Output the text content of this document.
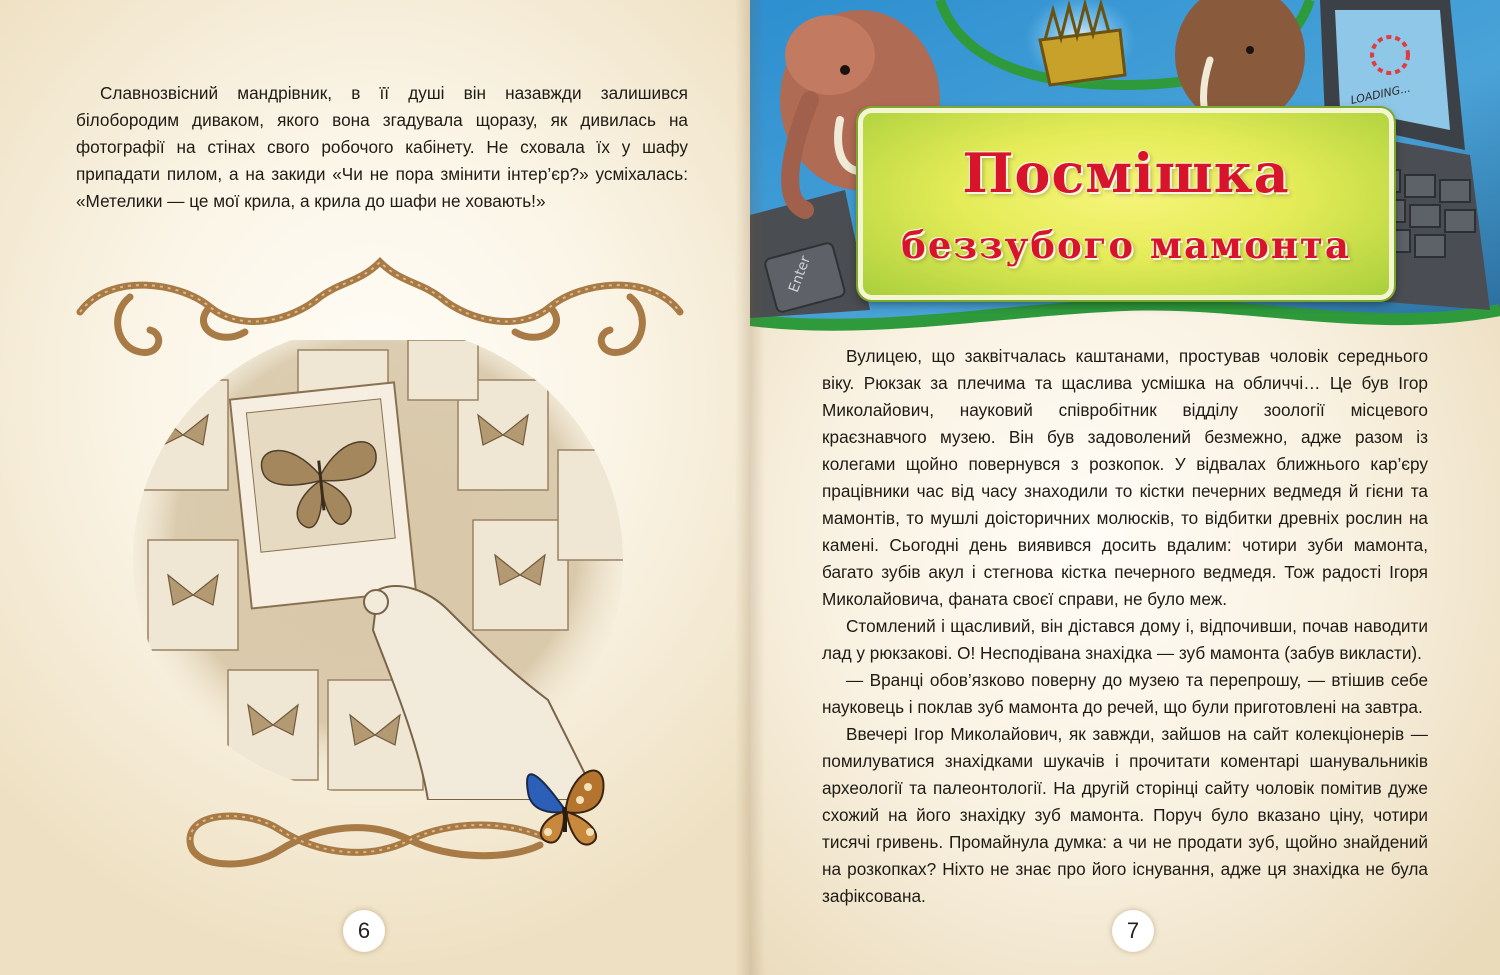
Славнозвісний мандрівник, в її душі він назавжди залишився білобородим диваком, якого вона згадувала щоразу, як дивилась на фотографії на стінах свого робочого кабінету. Не сховала їх у шафу припадати пилом, а на закиди «Чи не пора змінити інтер’єр?» усміхалась: «Метелики — це мої крила, а крила до шафи не ховають!»

6
Enter
LOADING...
Посмішка
беззубого мамонта

Вулицею, що заквітчалась каштанами, простував чоловік середнього віку. Рюкзак за плечима та щаслива усмішка на обличчі… Це був Ігор Миколайович, науковий співробітник відділу зоології місцевого краєзнавчого музею. Він був задоволений безмежно, адже разом із колегами щойно повернувся з розкопок. У відвалах ближнього кар’єру працівники час від часу знаходили то кістки печерних ведмедя й гієни та мамонтів, то мушлі доісторичних молюсків, то відбитки древніх рослин на камені. Сьогодні день виявився досить вдалим: чотири зуби мамонта, багато зубів акул і стегнова кістка печерного ведмедя. Тож радості Ігоря Миколайовича, фаната своєї справи, не було меж.

Стомлений і щасливий, він дістався дому і, відпочивши, почав наводити лад у рюкзакові. О! Несподівана знахідка — зуб мамонта (забув викласти).

— Вранці обов’язково поверну до музею та перепрошу, — втішив себе науковець і поклав зуб мамонта до речей, що були приготовлені на завтра.

Ввечері Ігор Миколайович, як завжди, зайшов на сайт колекціонерів — помилуватися знахідками шукачів і прочитати коментарі шанувальників археології та палеонтології. На другій сторінці сайту чоловік помітив дуже схожий на його знахідку зуб мамонта. Поруч було вказано ціну, чотири тисячі гривень. Промайнула думка: а чи не продати зуб, щойно знайдений на розкопках? Ніхто не знає про його існування, адже ця знахідка не була зафіксована.

7
